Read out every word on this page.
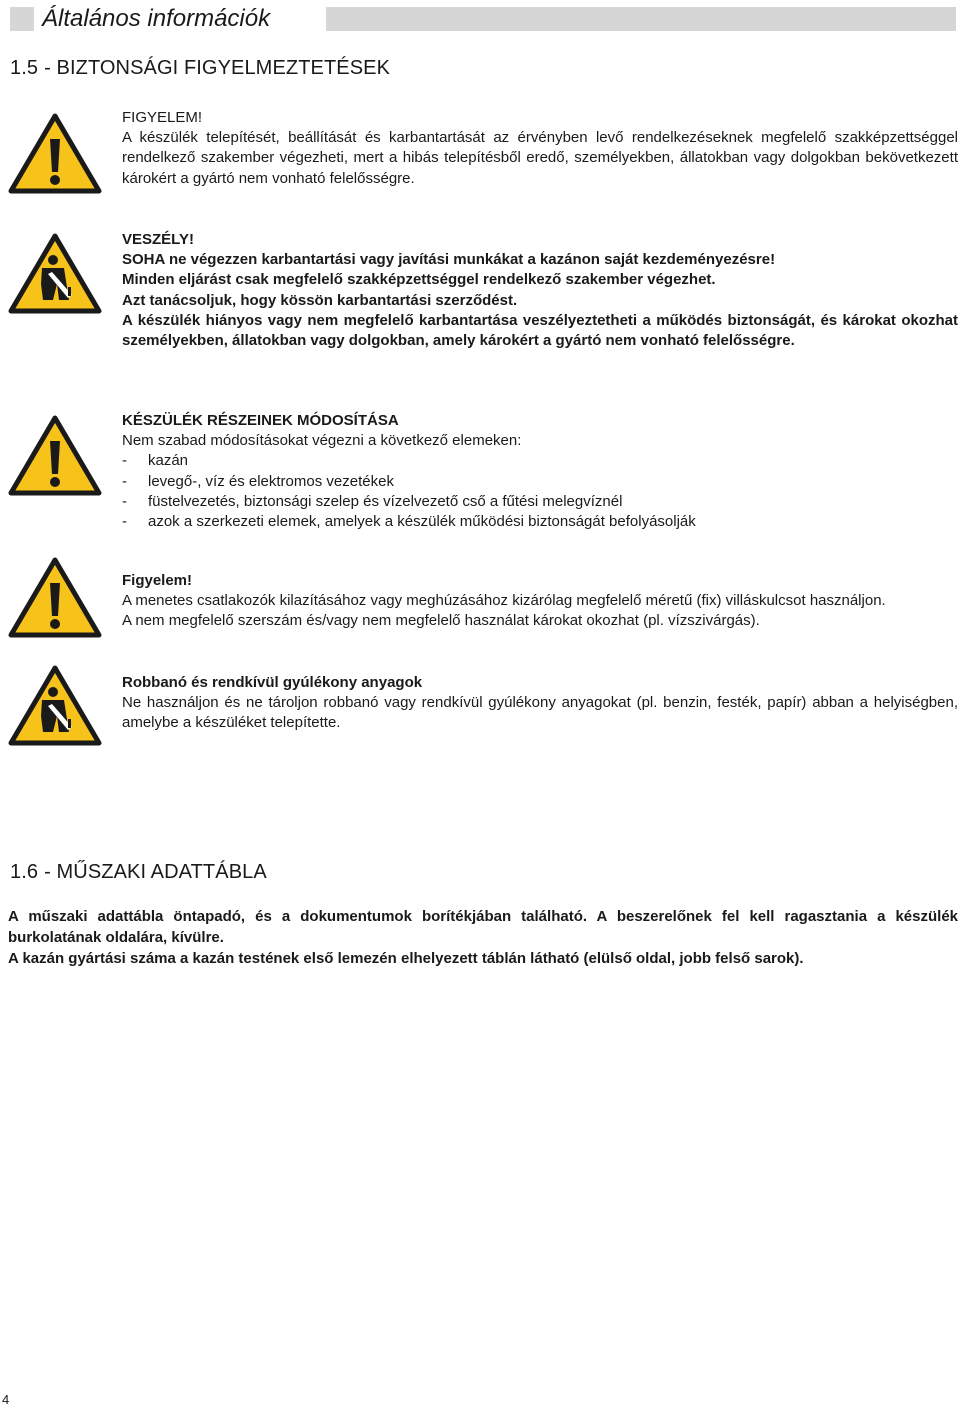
Általános információk
1.5 - BIZTONSÁGI FIGYELMEZTETÉSEK

FIGYELEM!

A készülék telepítését, beállítását és karbantartását az érvényben levő rendelkezéseknek megfelelő szakképzettséggel rendelkező szakember végezheti, mert a hibás telepítésből eredő, személyekben, állatokban vagy dolgokban bekövetkezett károkért a gyártó nem vonható felelősségre.

VESZÉLY!

SOHA ne végezzen karbantartási vagy javítási munkákat a kazánon saját kezdeményezésre!

Minden eljárást csak megfelelő szakképzettséggel rendelkező szakember végezhet.

Azt tanácsoljuk, hogy kössön karbantartási szerződést.

A készülék hiányos vagy nem megfelelő karbantartása veszélyeztetheti a működés biztonságát, és károkat okozhat személyekben, állatokban vagy dolgokban, amely károkért a gyártó nem vonható felelősségre.

KÉSZÜLÉK RÉSZEINEK MÓDOSÍTÁSA

Nem szabad módosításokat végezni a következő elemeken:

-	kazán
-	levegő-, víz és elektromos vezetékek
-	füstelvezetés, biztonsági szelep és vízelvezető cső a fűtési melegvíznél
-	azok a szerkezeti elemek, amelyek a készülék működési biztonságát befolyásolják

Figyelem!

A menetes csatlakozók kilazításához vagy meghúzásához kizárólag megfelelő méretű (fix) villáskulcsot használjon.

A nem megfelelő szerszám és/vagy nem megfelelő használat károkat okozhat (pl. vízszivárgás).

Robbanó és rendkívül gyúlékony anyagok

Ne használjon és ne tároljon robbanó vagy rendkívül gyúlékony anyagokat (pl. benzin, festék, papír) abban a helyiségben, amelybe a készüléket telepítette.

1.6 - MŰSZAKI ADATTÁBLA

A műszaki adattábla öntapadó, és a dokumentumok borítékjában található. A beszerelőnek fel kell ragasztania a készülék burkolatának oldalára, kívülre.

A kazán gyártási száma a kazán testének első lemezén elhelyezett táblán látható (elülső oldal, jobb felső sarok).

4
